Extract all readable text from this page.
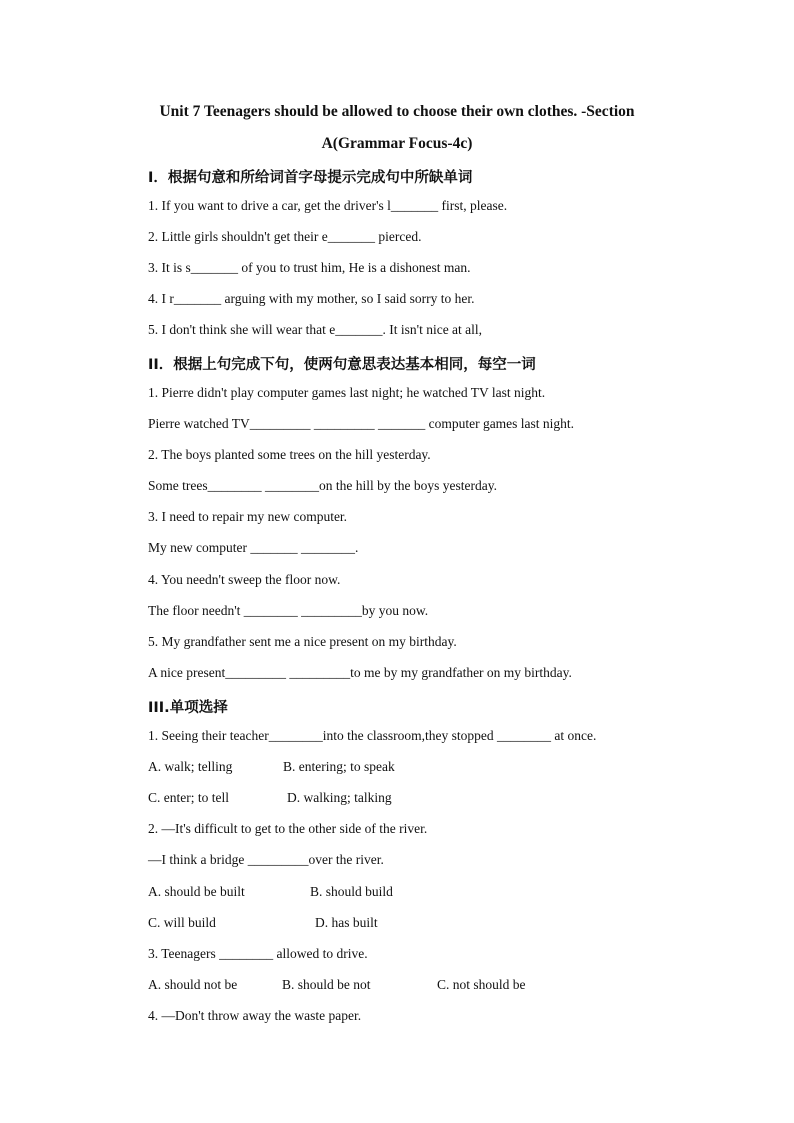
Unit 7 Teenagers should be allowed to choose their own clothes. -Section
A(Grammar Focus-4c)
I．根据句意和所给词首字母提示完成句中所缺单词
1. If you want to drive a car, get the driver's l_______ first, please.
2. Little girls shouldn't get their e_______ pierced.
3. It is s_______ of you to trust him, He is a dishonest man.
4. I r_______ arguing with my mother, so I said sorry to her.
5. I don't think she will wear that e_______. It isn't nice at all,
II．根据上句完成下句，使两句意思表达基本相同，每空一词
1. Pierre didn't play computer games last night; he watched TV last night.
Pierre watched TV_________ _________ _______ computer games last night.
2. The boys planted some trees on the hill yesterday.
Some trees________ ________on the hill by the boys yesterday.
3. I need to repair my new computer.
My new computer _______ ________.
4. You needn't sweep the floor now.
The floor needn't ________ _________by you now.
5. My grandfather sent me a nice present on my birthday.
A nice present_________ _________to me by my grandfather on my birthday.
III.单项选择
1. Seeing their teacher________into the classroom,they stopped ________ at once.
A. walk; telling	B. entering; to speak
C. enter; to tell	D. walking; talking
2. —It's difficult to get to the other side of the river.
—I think a bridge _________over the river.
A. should be built	B. should build
C. will build	D. has built
3. Teenagers ________ allowed to drive.
A. should not be	B. should be not	C. not should be
4. —Don't throw away the waste paper.
